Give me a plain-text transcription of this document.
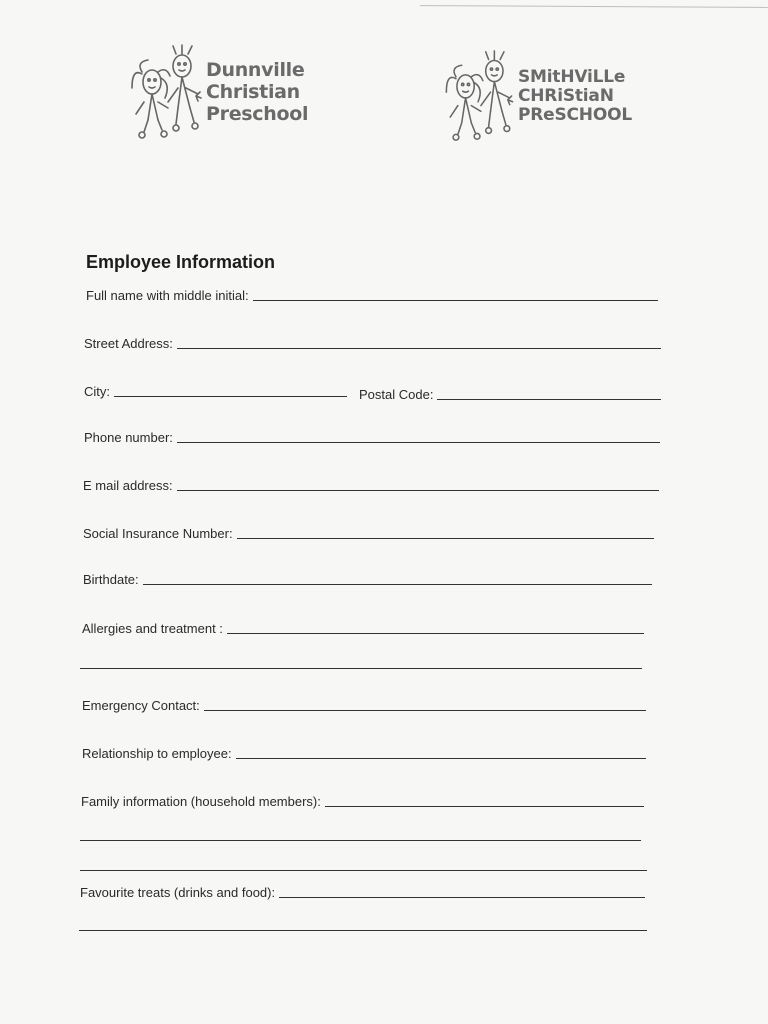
Dunnville
Christian
Preschool
SMitHViLLe
CHRiStiaN
PReSCHOOL
Employee Information
Full name with middle initial:
Street Address:
City:	Postal Code:
Phone number:
E mail address:
Social Insurance Number:
Birthdate:
Allergies and treatment :
Emergency Contact:
Relationship to employee:
Family information (household members):
Favourite treats (drinks and food):
